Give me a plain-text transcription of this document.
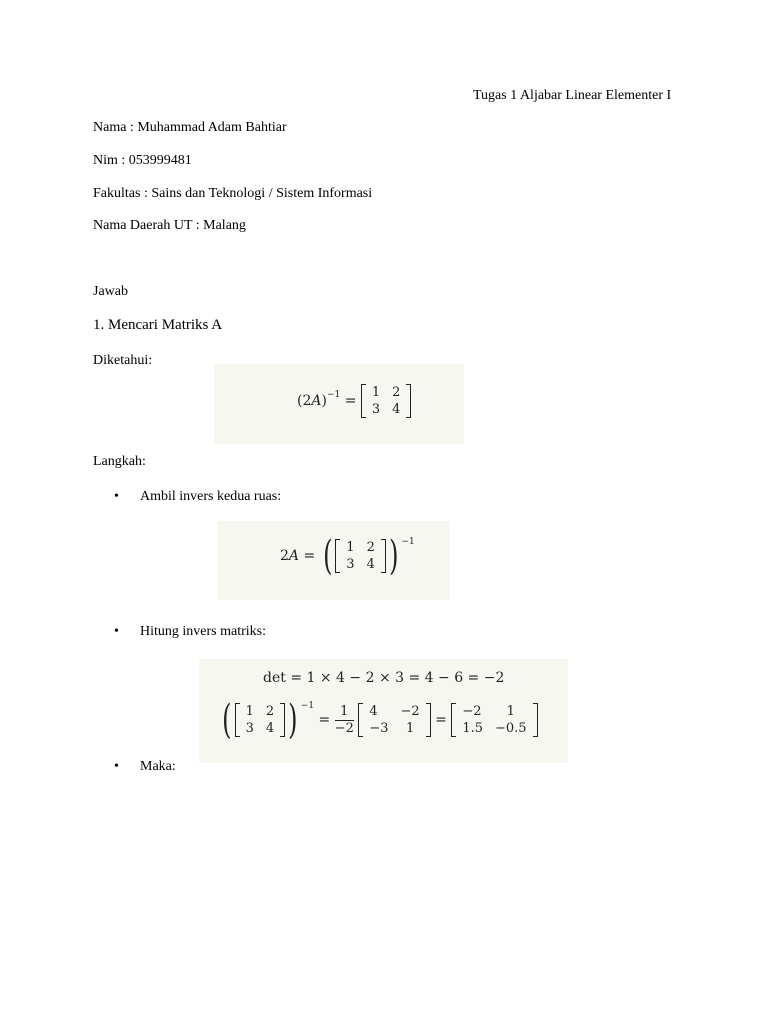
Tugas 1 Aljabar Linear Elementer I
Nama : Muhammad Adam Bahtiar
Nim : 053999481
Fakultas : Sains dan Teknologi / Sistem Informasi
Nama Daerah UT : Malang
Jawab
1. Mencari Matriks A
Diketahui:
$(2A)^{-1}$ =
1	2
3	4
Langkah:
• Ambil invers kedua ruas:
2A = ( 1	2
3	4 ) $^{-1}$
• Hitung invers matriks:
det = 1 × 4 − 2 × 3 = 4 − 6 = −2
( 1	2
3	4 ) $^{-1} = \frac{1}{-2}$
4	−2
−3	1
=
−2	1
1.5	−0.5
• Maka:
